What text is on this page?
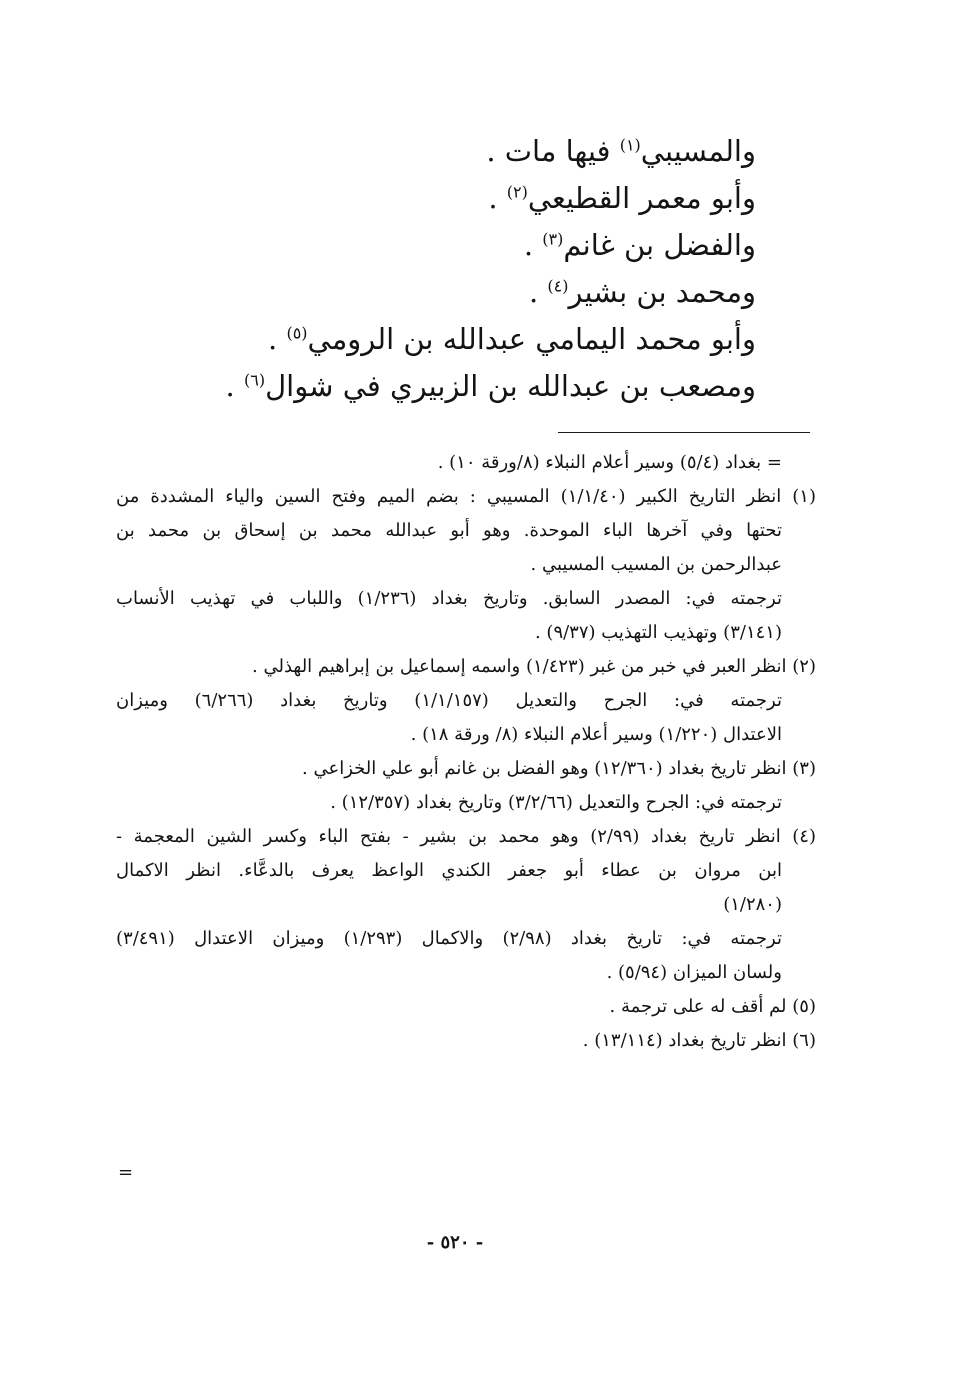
والمسيبي$^{(١)}$ فيها مات .
وأبو معمر القطيعي$^{(٢)}$ .
والفضل بن غانم$^{(٣)}$ .
ومحمد بن بشير$^{(٤)}$ .
وأبو محمد اليمامي عبدالله بن الرومي$^{(٥)}$ .
ومصعب بن عبدالله بن الزبيري في شوال$^{(٦)}$ .
= بغداد (٥/٤) وسير أعلام النبلاء (٨/ورقة ١٠) .
(١) انظر التاريخ الكبير (١/١/٤٠) المسيبي : بضم الميم وفتح السين والياء المشددة من
تحتها وفي آخرها الباء الموحدة. وهو أبو عبدالله محمد بن إسحاق بن محمد بن
عبدالرحمن بن المسيب المسيبي .
ترجمته في: المصدر السابق. وتاريخ بغداد (١/٢٣٦) واللباب في تهذيب الأنساب
(٣/١٤١) وتهذيب التهذيب (٩/٣٧) .
(٢) انظر العبر في خبر من غبر (١/٤٢٣) واسمه إسماعيل بن إبراهيم الهذلي .
ترجمته في: الجرح والتعديل (١/١/١٥٧) وتاريخ بغداد (٦/٢٦٦) وميزان
الاعتدال (١/٢٢٠) وسير أعلام النبلاء (٨/ ورقة ١٨) .
(٣) انظر تاريخ بغداد (١٢/٣٦٠) وهو الفضل بن غانم أبو علي الخزاعي .
ترجمته في: الجرح والتعديل (٣/٢/٦٦) وتاريخ بغداد (١٢/٣٥٧) .
(٤) انظر تاريخ بغداد (٢/٩٩) وهو محمد بن بشير - بفتح الباء وكسر الشين المعجمة -
ابن مروان بن عطاء أبو جعفر الكندي الواعظ يعرف بالدعَّاء. انظر الاكمال
(١/٢٨٠)
ترجمته في: تاريخ بغداد (٢/٩٨) والاكمال (١/٢٩٣) وميزان الاعتدال (٣/٤٩١)
ولسان الميزان (٥/٩٤) .
(٥) لم أقف له على ترجمة .
(٦) انظر تاريخ بغداد (١٣/١١٤) .
=
- ٥٢٠ -
